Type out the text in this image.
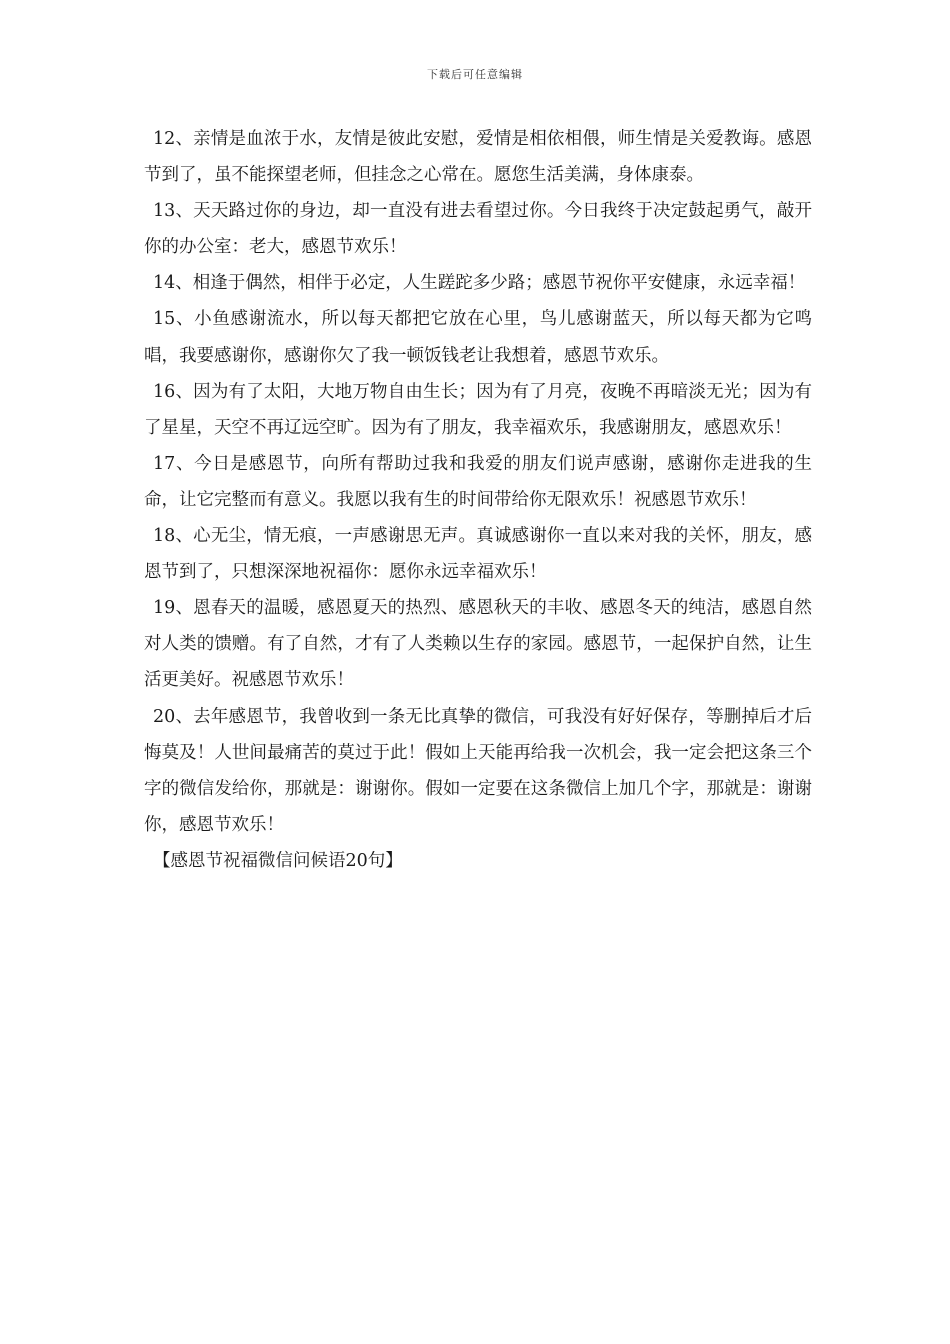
下载后可任意编辑

12、亲情是血浓于水，友情是彼此安慰，爱情是相依相偎，师生情是关爱教诲。感恩节到了，虽不能探望老师，但挂念之心常在。愿您生活美满，身体康泰。

13、天天路过你的身边，却一直没有进去看望过你。今日我终于决定鼓起勇气，敲开你的办公室：老大，感恩节欢乐！

14、相逢于偶然，相伴于必定，人生蹉跎多少路；感恩节祝你平安健康，永远幸福！

15、小鱼感谢流水，所以每天都把它放在心里，鸟儿感谢蓝天，所以每天都为它鸣唱，我要感谢你，感谢你欠了我一顿饭钱老让我想着，感恩节欢乐。

16、因为有了太阳，大地万物自由生长；因为有了月亮，夜晚不再暗淡无光；因为有了星星，天空不再辽远空旷。因为有了朋友，我幸福欢乐，我感谢朋友，感恩欢乐！

17、今日是感恩节，向所有帮助过我和我爱的朋友们说声感谢，感谢你走进我的生命，让它完整而有意义。我愿以我有生的时间带给你无限欢乐！祝感恩节欢乐！

18、心无尘，情无痕，一声感谢思无声。真诚感谢你一直以来对我的关怀，朋友，感恩节到了，只想深深地祝福你：愿你永远幸福欢乐！

19、恩春天的温暖，感恩夏天的热烈、感恩秋天的丰收、感恩冬天的纯洁，感恩自然对人类的馈赠。有了自然，才有了人类赖以生存的家园。感恩节，一起保护自然，让生活更美好。祝感恩节欢乐！

20、去年感恩节，我曾收到一条无比真挚的微信，可我没有好好保存，等删掉后才后悔莫及！人世间最痛苦的莫过于此！假如上天能再给我一次机会，我一定会把这条三个字的微信发给你，那就是：谢谢你。假如一定要在这条微信上加几个字，那就是：谢谢你，感恩节欢乐！

【感恩节祝福微信问候语20句】
